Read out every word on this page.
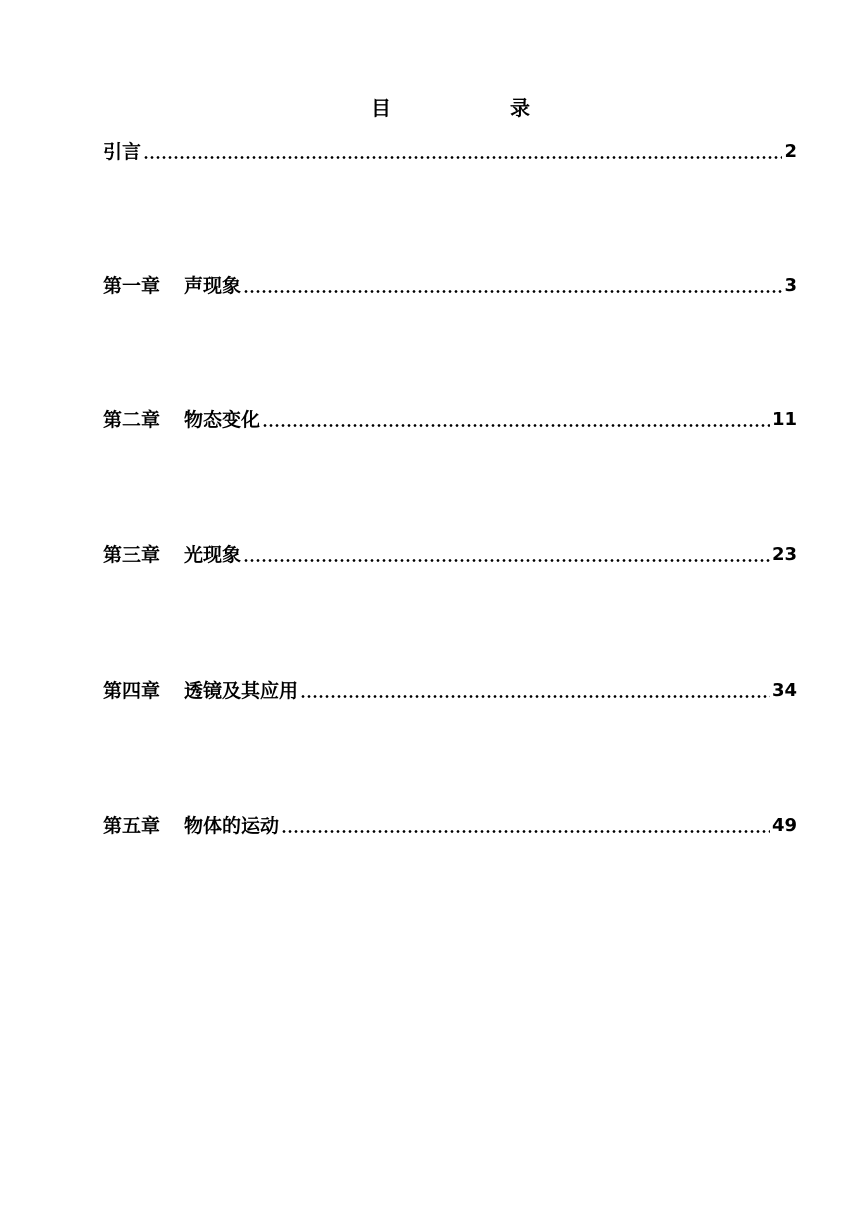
目	录
引言	2
第一章 声现象	3
第二章 物态变化	11
第三章 光现象	23
第四章 透镜及其应用	34
第五章 物体的运动	49
